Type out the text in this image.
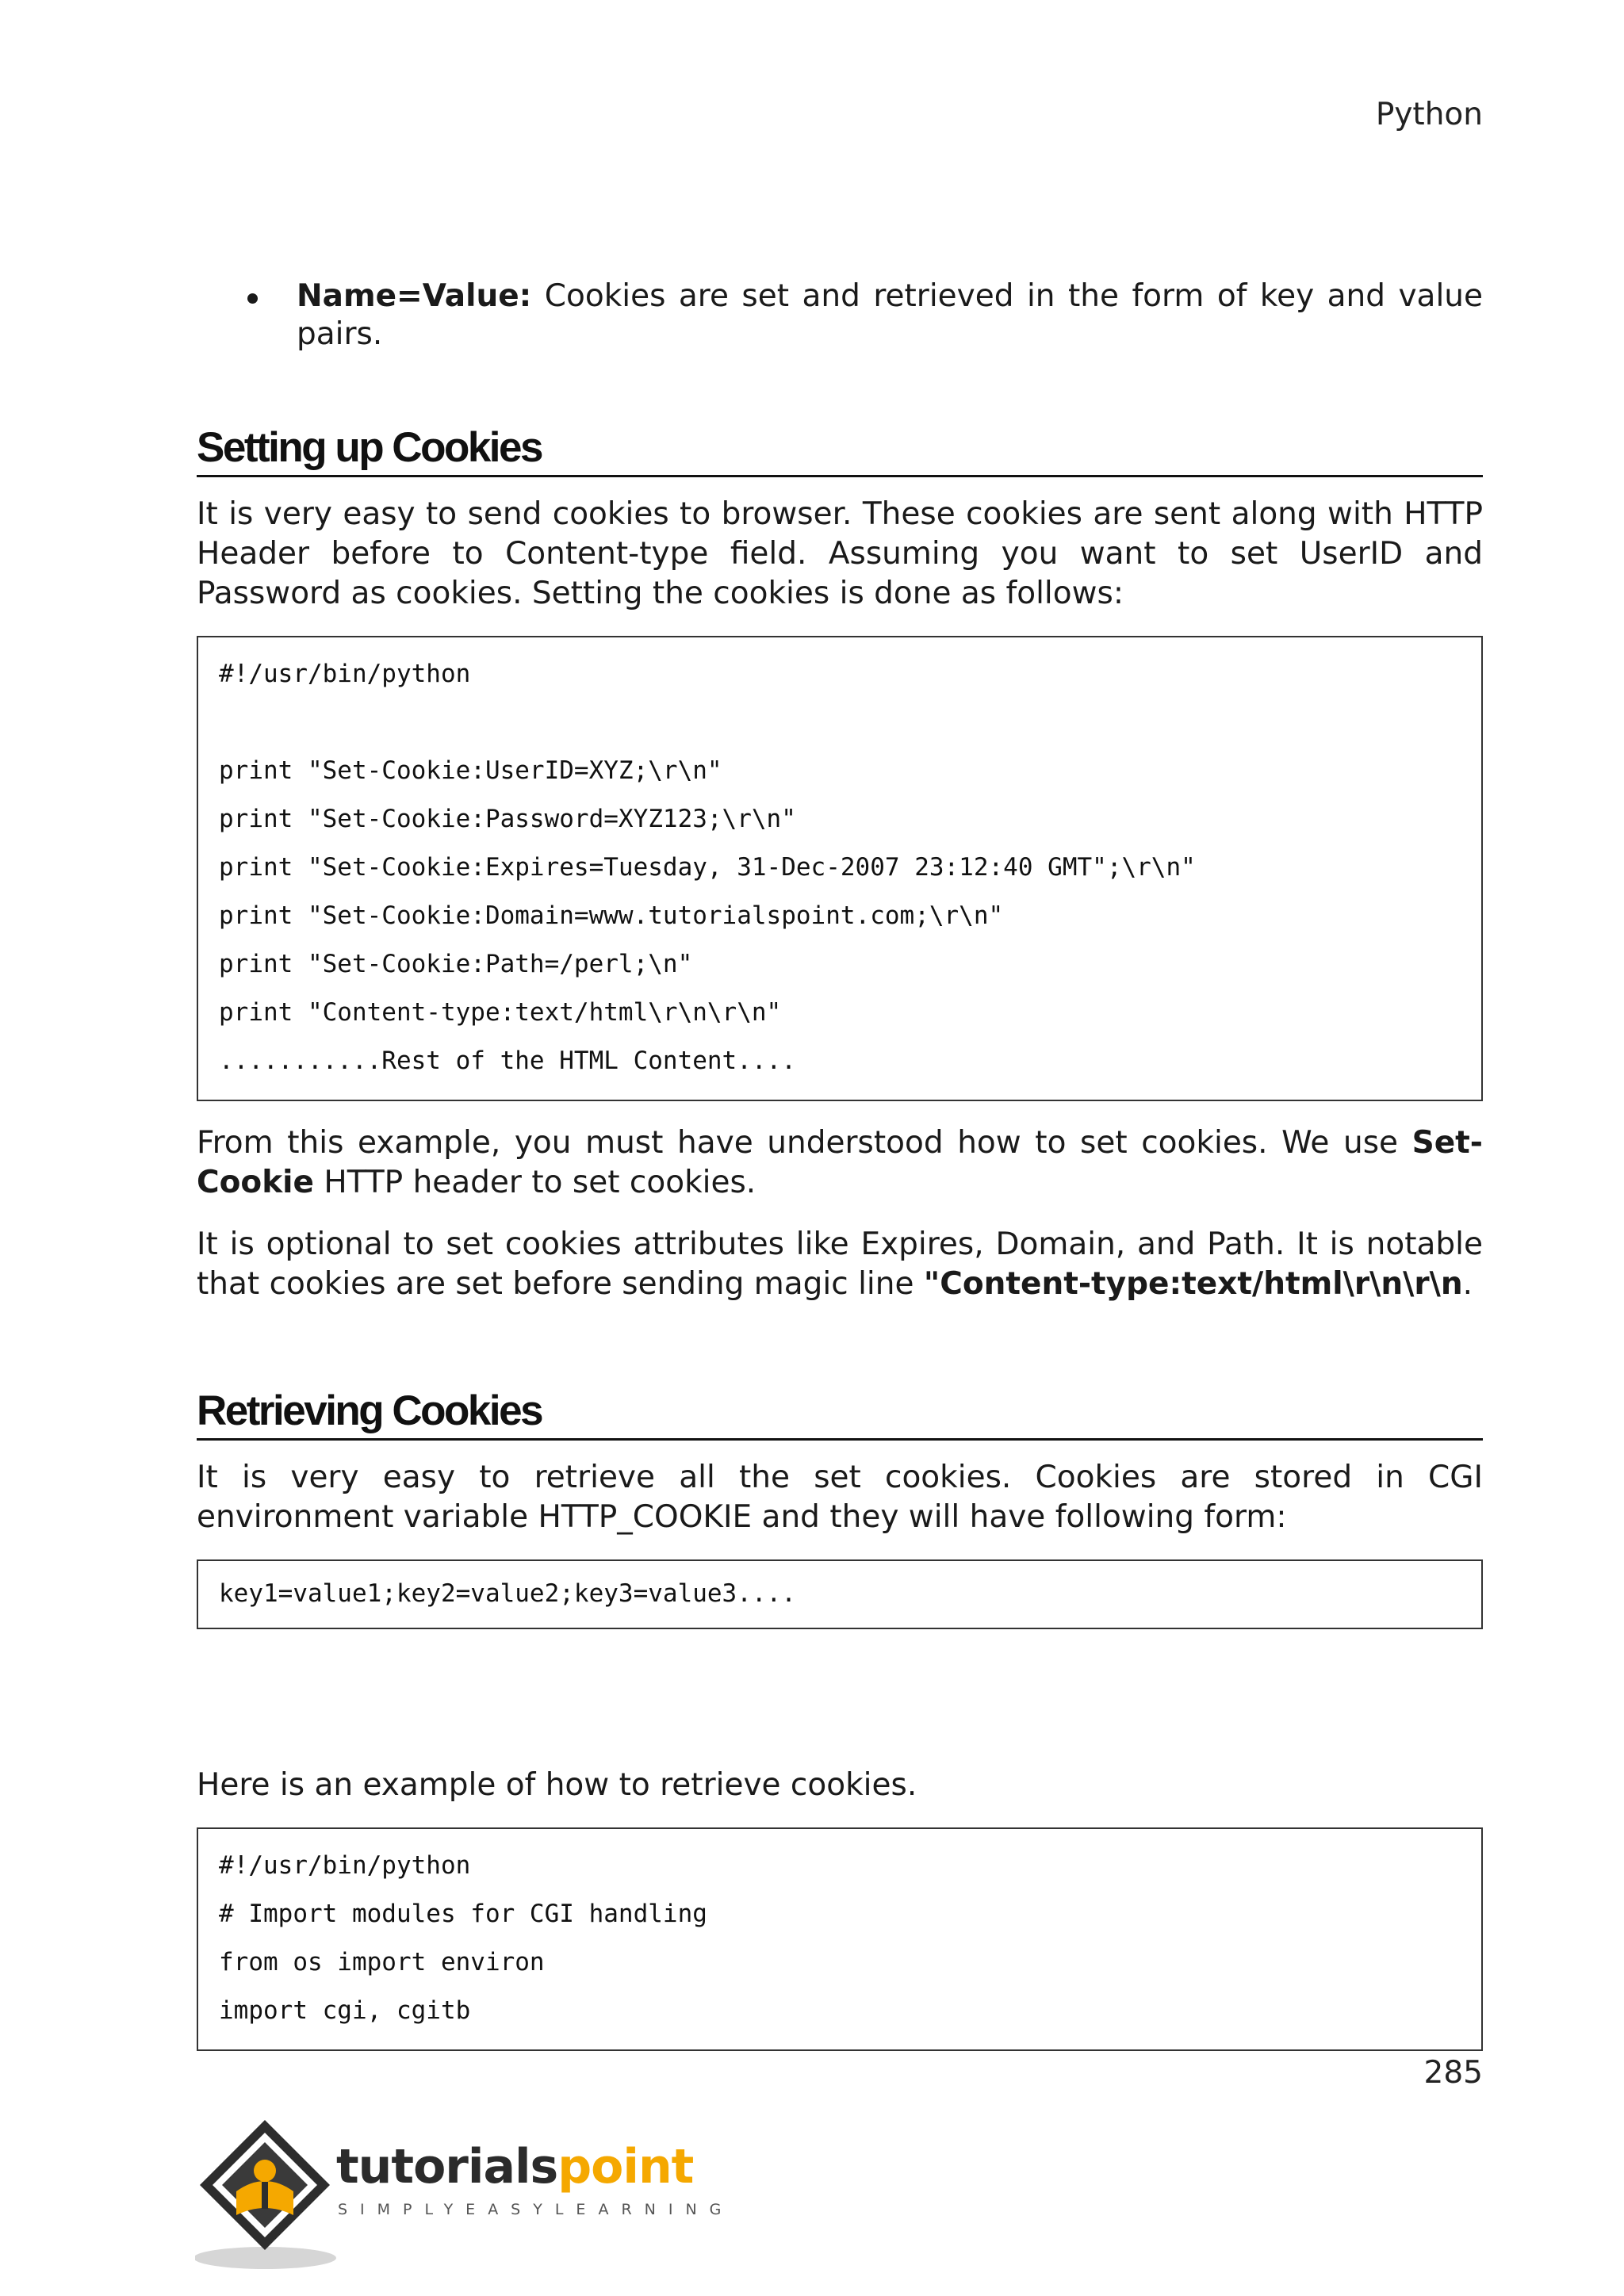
Python
Name=Value: Cookies are set and retrieved in the form of key and value pairs.
Setting up Cookies

It is very easy to send cookies to browser. These cookies are sent along with HTTP Header before to Content-type field. Assuming you want to set UserID and Password as cookies. Setting the cookies is done as follows:

#!/usr/bin/python
print "Set-Cookie:UserID=XYZ;\r\n"
print "Set-Cookie:Password=XYZ123;\r\n"
print "Set-Cookie:Expires=Tuesday, 31-Dec-2007 23:12:40 GMT";\r\n"
print "Set-Cookie:Domain=www.tutorialspoint.com;\r\n"
print "Set-Cookie:Path=/perl;\n"
print "Content-type:text/html\r\n\r\n"
...........Rest of the HTML Content....

From this example, you must have understood how to set cookies. We use Set-Cookie HTTP header to set cookies.

It is optional to set cookies attributes like Expires, Domain, and Path. It is notable that cookies are set before sending magic line "Content-type:text/html\r\n\r\n.

Retrieving Cookies

It is very easy to retrieve all the set cookies. Cookies are stored in CGI environment variable HTTP_COOKIE and they will have following form:

key1=value1;key2=value2;key3=value3....

Here is an example of how to retrieve cookies.

#!/usr/bin/python
# Import modules for CGI handling
from os import environ
import cgi, cgitb
285
tutorialspoint
SIMPLYEASYLEARNING
